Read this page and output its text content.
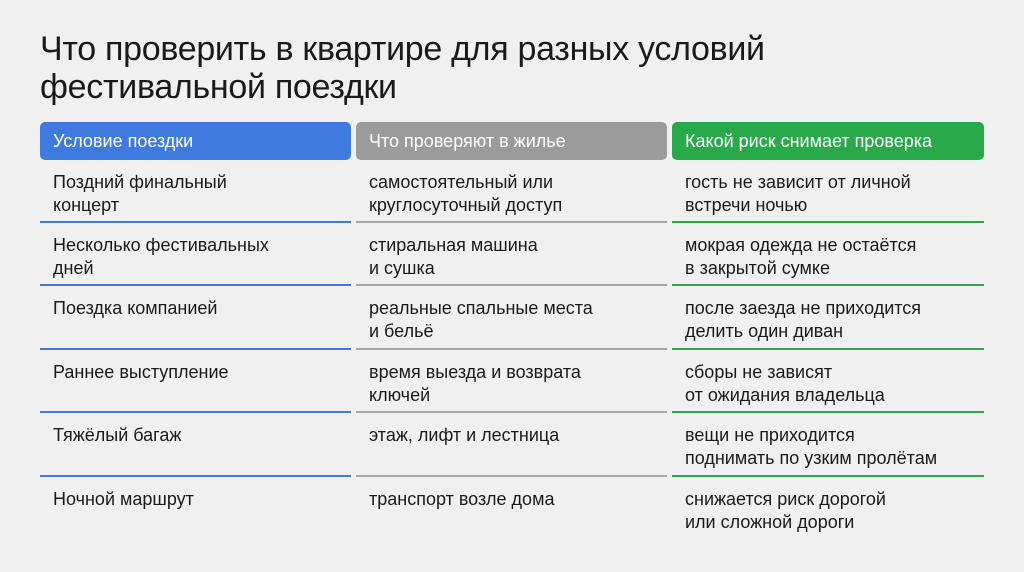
Что проверить в квартире для разных условий
фестивальной поездки
Условие поездки
Поздний финальный
концерт
Несколько фестивальных
дней
Поездка компанией
Раннее выступление
Тяжёлый багаж
Ночной маршрут
Что проверяют в жилье
самостоятельный или
круглосуточный доступ
стиральная машина
и сушка
реальные спальные места
и бельё
время выезда и возврата
ключей
этаж, лифт и лестница
транспорт возле дома
Какой риск снимает проверка
гость не зависит от личной
встречи ночью
мокрая одежда не остаётся
в закрытой сумке
после заезда не приходится
делить один диван
сборы не зависят
от ожидания владельца
вещи не приходится
поднимать по узким пролётам
снижается риск дорогой
или сложной дороги
